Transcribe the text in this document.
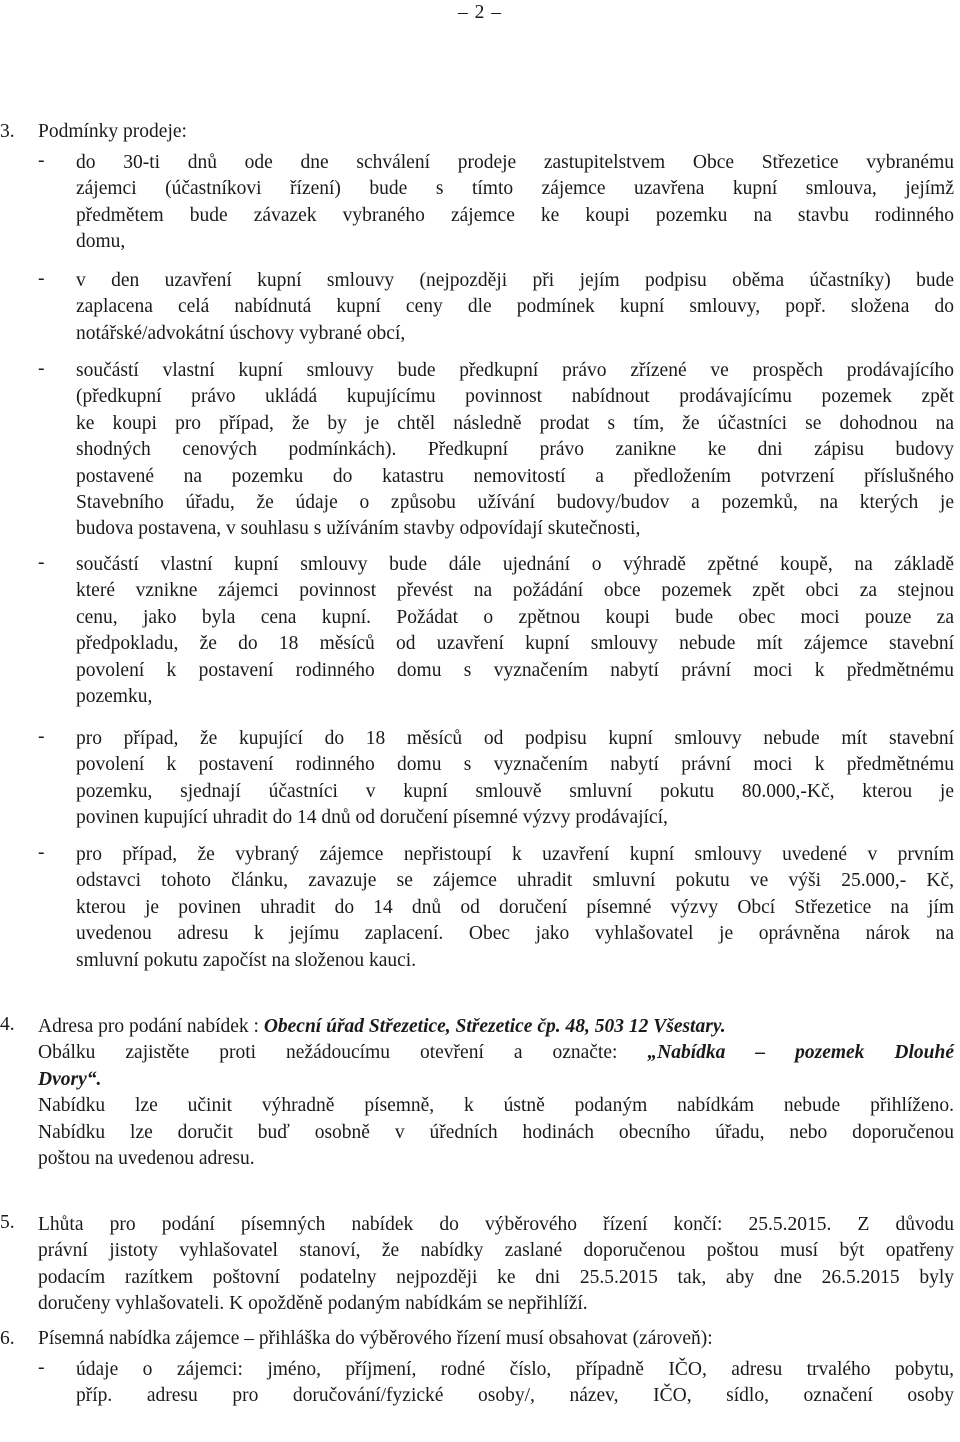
– 2 –
3. Podmínky prodeje:
- do 30-ti dnů ode dne schválení prodeje zastupitelstvem Obce Střezetice vybranému
zájemci (účastníkovi řízení) bude s tímto zájemce uzavřena kupní smlouva, jejímž
předmětem bude závazek vybraného zájemce ke koupi pozemku na stavbu rodinného
domu,
- v den uzavření kupní smlouvy (nejpozději při jejím podpisu oběma účastníky) bude
zaplacena celá nabídnutá kupní ceny dle podmínek kupní smlouvy, popř. složena do
notářské/advokátní úschovy vybrané obcí,
- součástí vlastní kupní smlouvy bude předkupní právo zřízené ve prospěch prodávajícího
(předkupní právo ukládá kupujícímu povinnost nabídnout prodávajícímu pozemek zpět
ke koupi pro případ, že by je chtěl následně prodat s tím, že účastníci se dohodnou na
shodných cenových podmínkách). Předkupní právo zanikne ke dni zápisu budovy
postavené na pozemku do katastru nemovitostí a předložením potvrzení příslušného
Stavebního úřadu, že údaje o způsobu užívání budovy/budov a pozemků, na kterých je
budova postavena, v souhlasu s užíváním stavby odpovídají skutečnosti,
- součástí vlastní kupní smlouvy bude dále ujednání o výhradě zpětné koupě, na základě
které vznikne zájemci povinnost převést na požádání obce pozemek zpět obci za stejnou
cenu, jako byla cena kupní. Požádat o zpětnou koupi bude obec moci pouze za
předpokladu, že do 18 měsíců od uzavření kupní smlouvy nebude mít zájemce stavební
povolení k postavení rodinného domu s vyznačením nabytí právní moci k předmětnému
pozemku,
- pro případ, že kupující do 18 měsíců od podpisu kupní smlouvy nebude mít stavební
povolení k postavení rodinného domu s vyznačením nabytí právní moci k předmětnému
pozemku, sjednají účastníci v kupní smlouvě smluvní pokutu 80.000,-Kč, kterou je
povinen kupující uhradit do 14 dnů od doručení písemné výzvy prodávající,
- pro případ, že vybraný zájemce nepřistoupí k uzavření kupní smlouvy uvedené v prvním
odstavci tohoto článku, zavazuje se zájemce uhradit smluvní pokutu ve výši 25.000,- Kč,
kterou je povinen uhradit do 14 dnů od doručení písemné výzvy Obcí Střezetice na jím
uvedenou adresu k jejímu zaplacení. Obec jako vyhlašovatel je oprávněna nárok na
smluvní pokutu započíst na složenou kauci.
4. Adresa pro podání nabídek : Obecní úřad Střezetice, Střezetice čp. 48, 503 12 Všestary.
Obálku zajistěte proti nežádoucímu otevření a označte: „Nabídka – pozemek Dlouhé
Dvory“.
Nabídku lze učinit výhradně písemně, k ústně podaným nabídkám nebude přihlíženo.
Nabídku lze doručit buď osobně v úředních hodinách obecního úřadu, nebo doporučenou
poštou na uvedenou adresu.
5. Lhůta pro podání písemných nabídek do výběrového řízení končí: 25.5.2015. Z důvodu
právní jistoty vyhlašovatel stanoví, že nabídky zaslané doporučenou poštou musí být opatřeny
podacím razítkem poštovní podatelny nejpozději ke dni 25.5.2015 tak, aby dne 26.5.2015 byly
doručeny vyhlašovateli. K opožděně podaným nabídkám se nepřihlíží.
6. Písemná nabídka zájemce – přihláška do výběrového řízení musí obsahovat (zároveň):
- údaje o zájemci: jméno, příjmení, rodné číslo, případně IČO, adresu trvalého pobytu,
příp. adresu pro doručování/fyzické osoby/, název, IČO, sídlo, označení osoby
